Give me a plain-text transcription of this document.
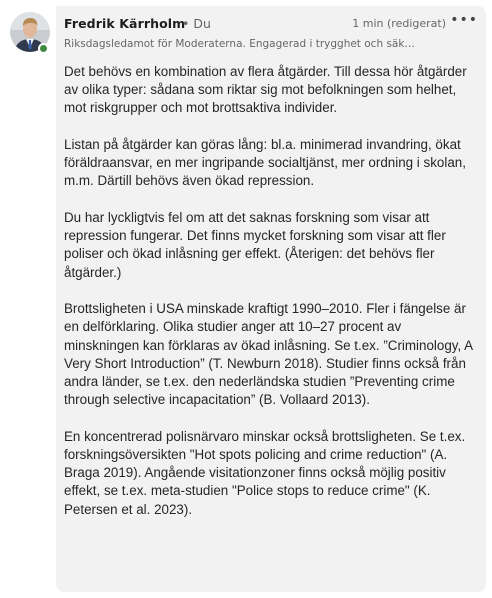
Fredrik Kärrholm
• Du	1 min (redigerat) •••
Riksdagsledamot för Moderaterna. Engagerad i trygghet och säk…

Det behövs en kombination av flera åtgärder. Till dessa hör åtgärder av olika typer: sådana som riktar sig mot befolkningen som helhet, mot riskgrupper och mot brottsaktiva individer.

Listan på åtgärder kan göras lång: bl.a. minimerad invandring, ökat föräldraansvar, en mer ingripande socialtjänst, mer ordning i skolan, m.m. Därtill behövs även ökad repression.

Du har lyckligtvis fel om att det saknas forskning som visar att repression fungerar. Det finns mycket forskning som visar att fler poliser och ökad inlåsning ger effekt. (Återigen: det behövs fler åtgärder.)

Brottsligheten i USA minskade kraftigt 1990–2010. Fler i fängelse är en delförklaring. Olika studier anger att 10–27 procent av minskningen kan förklaras av ökad inlåsning. Se t.ex. ”Criminology, A Very Short Introduction” (T. Newburn 2018). Studier finns också från andra länder, se t.ex. den nederländska studien ”Preventing crime through selective incapacitation” (B. Vollaard 2013).

En koncentrerad polisnärvaro minskar också brottsligheten. Se t.ex. forskningsöversikten "Hot spots policing and crime reduction" (A. Braga 2019). Angående visitationzoner finns också möjlig positiv effekt, se t.ex. meta-studien "Police stops to reduce crime" (K. Petersen et al. 2023).
